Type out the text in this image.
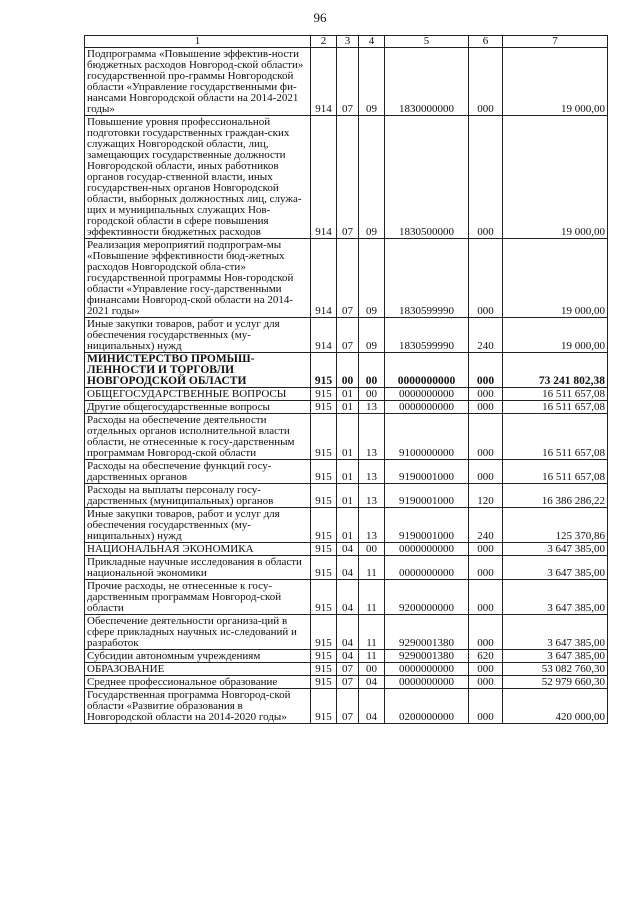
96
1	2	3	4	5	6	7
Подпрограмма «Повышение эффектив-ности бюджетных расходов Новгород-ской области» государственной про-граммы Новгородской области «Управление государственными фи-нансами Новгородской области на 2014-2021 годы»	914	07	09	1830000000	000	19 000,00
Повышение уровня профессиональной подготовки государственных граждан-ских служащих Новгородской области, лиц, замещающих государственные должности Новгородской области, иных работников органов государ-ственной власти, иных государствен-ных органов Новгородской области, выборных должностных лиц, служа-щих и муниципальных служащих Нов-городской области в сфере повышения эффективности бюджетных расходов	914	07	09	1830500000	000	19 000,00
Реализация мероприятий подпрограм-мы «Повышение эффективности бюд-жетных расходов Новгородской обла-сти» государственной программы Нов-городской области «Управление госу-дарственными финансами Новгород-ской области на 2014-2021 годы»	914	07	09	1830599990	000	19 000,00
Иные закупки товаров, работ и услуг для обеспечения государственных (му-ниципальных) нужд	914	07	09	1830599990	240	19 000,00
МИНИСТЕРСТВО ПРОМЫШ-ЛЕННОСТИ И ТОРГОВЛИ НОВГОРОДСКОЙ ОБЛАСТИ	915	00	00	0000000000	000	73 241 802,38
ОБЩЕГОСУДАРСТВЕННЫЕ ВОПРОСЫ	915	01	00	0000000000	000	16 511 657,08
Другие общегосударственные вопросы	915	01	13	0000000000	000	16 511 657,08
Расходы на обеспечение деятельности отдельных органов исполнительной власти области, не отнесенные к госу-дарственным программам Новгород-ской области	915	01	13	9100000000	000	16 511 657,08
Расходы на обеспечение функций госу-дарственных органов	915	01	13	9190001000	000	16 511 657,08
Расходы на выплаты персоналу госу-дарственных (муниципальных) органов	915	01	13	9190001000	120	16 386 286,22
Иные закупки товаров, работ и услуг для обеспечения государственных (му-ниципальных) нужд	915	01	13	9190001000	240	125 370,86
НАЦИОНАЛЬНАЯ ЭКОНОМИКА	915	04	00	0000000000	000	3 647 385,00
Прикладные научные исследования в области национальной экономики	915	04	11	0000000000	000	3 647 385,00
Прочие расходы, не отнесенные к госу-дарственным программам Новгород-ской области	915	04	11	9200000000	000	3 647 385,00
Обеспечение деятельности организа-ций в сфере прикладных научных ис-следований и разработок	915	04	11	9290001380	000	3 647 385,00
Субсидии автономным учреждениям	915	04	11	9290001380	620	3 647 385,00
ОБРАЗОВАНИЕ	915	07	00	0000000000	000	53 082 760,30
Среднее профессиональное образование	915	07	04	0000000000	000	52 979 660,30
Государственная программа Новгород-ской области «Развитие образования в Новгородской области на 2014-2020 годы»	915	07	04	0200000000	000	420 000,00
